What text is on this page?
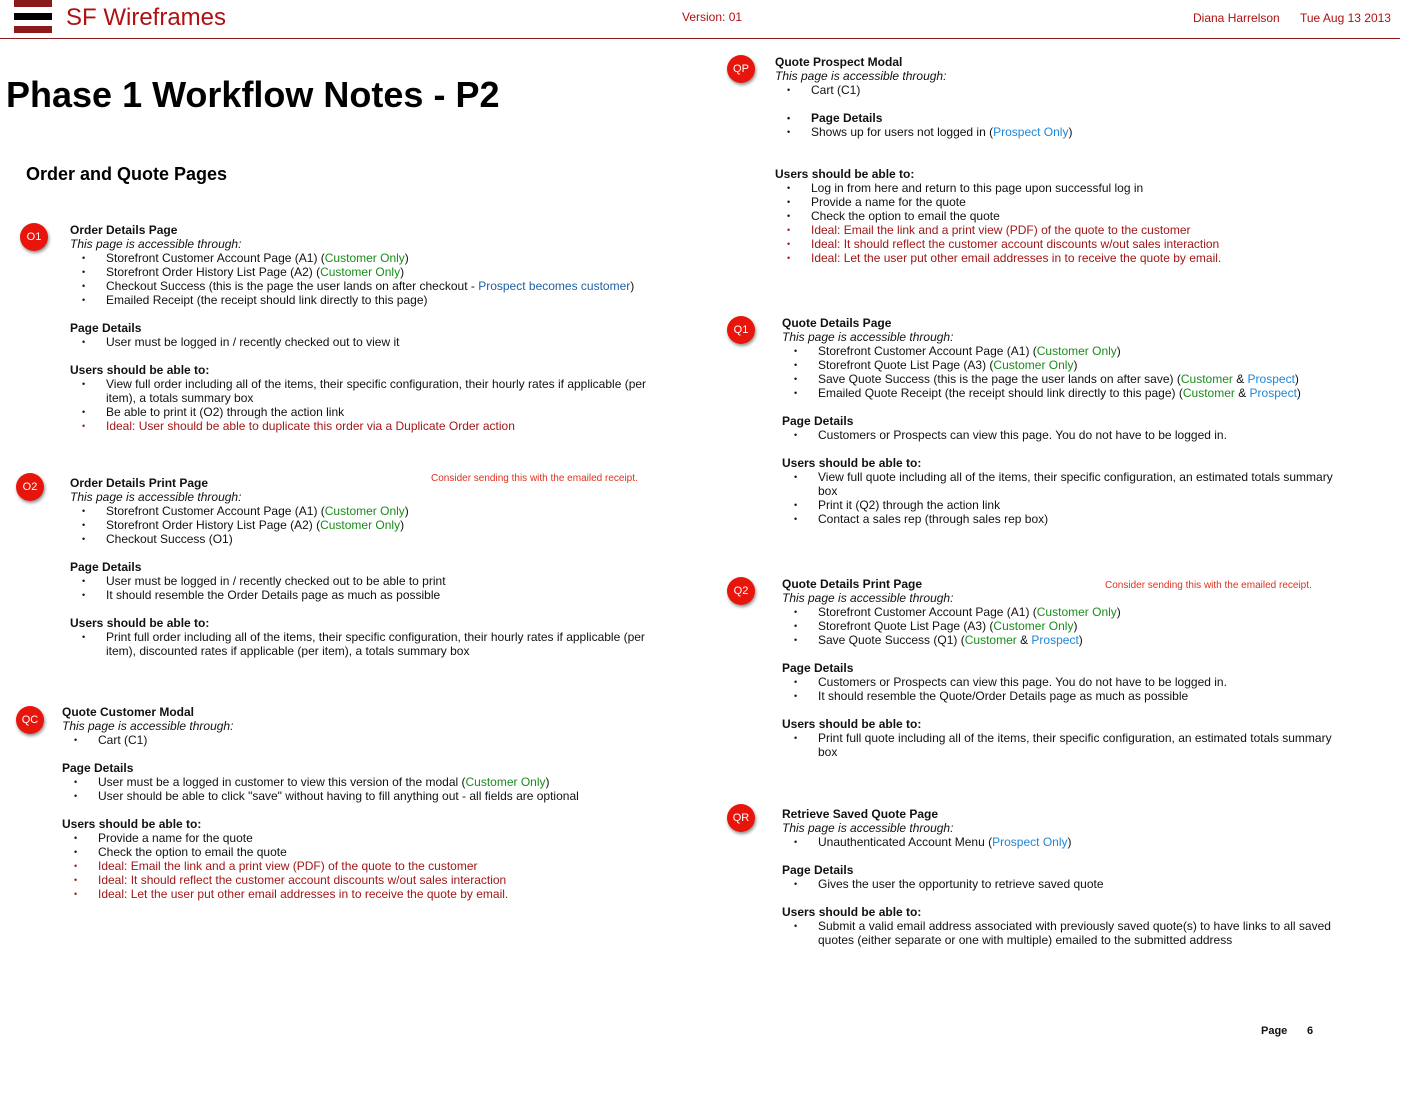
SF Wireframes	Version: 01	Diana Harrelson Tue Aug 13 2013
Phase 1 Workflow Notes - P2
Order and Quote Pages
O1	Order Details Page
This page is accessible through:
• Storefront Customer Account Page (A1) (Customer Only)
• Storefront Order History List Page (A2) (Customer Only)
• Checkout Success (this is the page the user lands on after checkout - Prospect becomes customer)
• Emailed Receipt (the receipt should link directly to this page)
Page Details
• User must be logged in / recently checked out to view it
Users should be able to:
• View full order including all of the items, their specific configuration, their hourly rates if applicable (per item), a totals summary box
• Be able to print it (O2) through the action link
• Ideal: User should be able to duplicate this order via a Duplicate Order action
O2
Consider sending this with the emailed receipt.
Order Details Print Page
This page is accessible through:
• Storefront Customer Account Page (A1) (Customer Only)
• Storefront Order History List Page (A2) (Customer Only)
• Checkout Success (O1)
Page Details
• User must be logged in / recently checked out to be able to print
• It should resemble the Order Details page as much as possible
Users should be able to:
• Print full order including all of the items, their specific configuration, their hourly rates if applicable (per item), discounted rates if applicable (per item), a totals summary box
QC
Quote Customer Modal
This page is accessible through:
• Cart (C1)
Page Details
• User must be a logged in customer to view this version of the modal (Customer Only)
• User should be able to click "save" without having to fill anything out - all fields are optional
Users should be able to:
• Provide a name for the quote
• Check the option to email the quote
• Ideal: Email the link and a print view (PDF) of the quote to the customer
• Ideal: It should reflect the customer account discounts w/out sales interaction
• Ideal: Let the user put other email addresses in to receive the quote by email.
QP	Quote Prospect Modal
This page is accessible through:
• Cart (C1)
• Page Details
• Shows up for users not logged in (Prospect Only)
Users should be able to:
• Log in from here and return to this page upon successful log in
• Provide a name for the quote
• Check the option to email the quote
• Ideal: Email the link and a print view (PDF) of the quote to the customer
• Ideal: It should reflect the customer account discounts w/out sales interaction
• Ideal: Let the user put other email addresses in to receive the quote by email.
Q1	Quote Details Page
This page is accessible through:
• Storefront Customer Account Page (A1) (Customer Only)
• Storefront Quote List Page (A3) (Customer Only)
• Save Quote Success (this is the page the user lands on after save) (Customer & Prospect)
• Emailed Quote Receipt (the receipt should link directly to this page) (Customer & Prospect)
Page Details
• Customers or Prospects can view this page. You do not have to be logged in.
Users should be able to:
• View full quote including all of the items, their specific configuration, an estimated totals summary box
• Print it (Q2) through the action link
• Contact a sales rep (through sales rep box)
Q2	Consider sending this with the emailed receipt.
Quote Details Print Page
This page is accessible through:
• Storefront Customer Account Page (A1) (Customer Only)
• Storefront Quote List Page (A3) (Customer Only)
• Save Quote Success (Q1) (Customer & Prospect)
Page Details
• Customers or Prospects can view this page. You do not have to be logged in.
• It should resemble the Quote/Order Details page as much as possible
Users should be able to:
• Print full quote including all of the items, their specific configuration, an estimated totals summary box
QR	Retrieve Saved Quote Page
This page is accessible through:
• Unauthenticated Account Menu (Prospect Only)
Page Details
• Gives the user the opportunity to retrieve saved quote
Users should be able to:
• Submit a valid email address associated with previously saved quote(s) to have links to all saved quotes (either separate or one with multiple) emailed to the submitted address
Page 6
